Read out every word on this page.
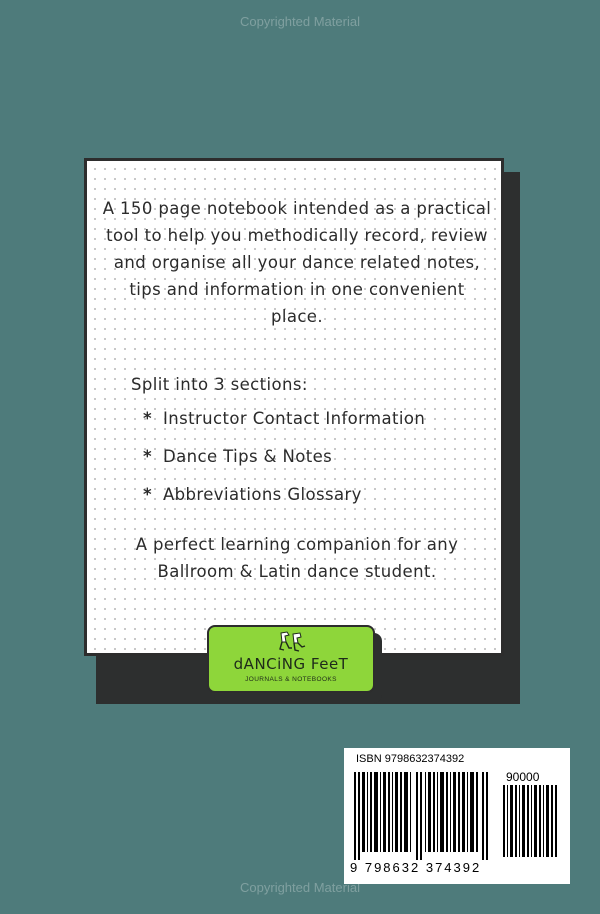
Copyrighted Material
A 150 page notebook intended as a practical tool to help you methodically record, review and organise all your dance related notes, tips and information in one convenient place.
Split into 3 sections:
* Instructor Contact Information
* Dance Tips & Notes
* Abbreviations Glossary
A perfect learning companion for any Ballroom & Latin dance student.
dANCiNG FeeT
JOURNALS & NOTEBOOKS
ISBN 9798632374392
90000
9 798632 374392
Copyrighted Material
